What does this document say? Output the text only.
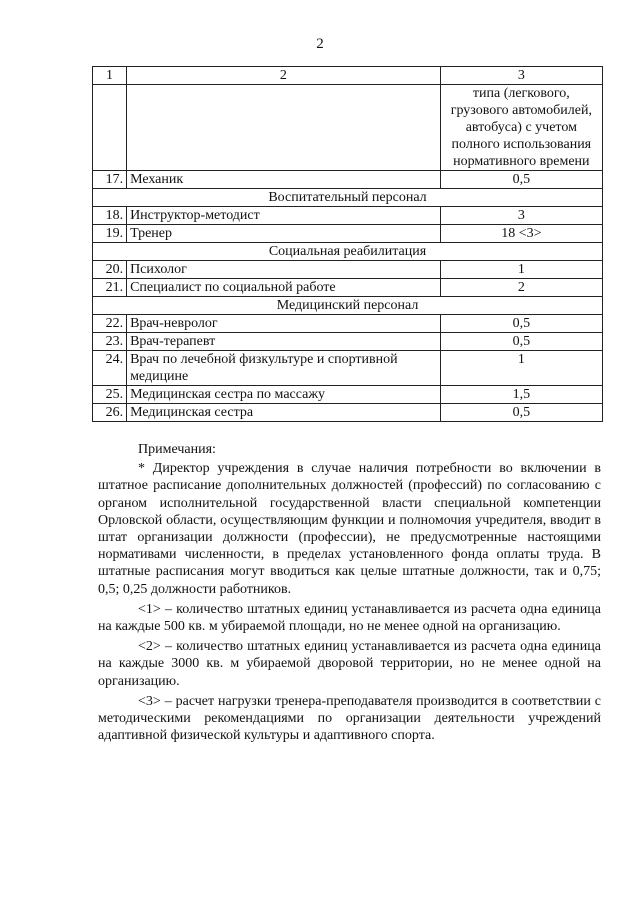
2
1	2	3
		типа (легкового, грузового автомобилей, автобуса) с учетом полного использования нормативного времени
17.	Механик	0,5
Воспитательный персонал		
18.	Инструктор-методист	3
19.	Тренер	18 <3>
Социальная реабилитация		
20.	Психолог	1
21.	Специалист по социальной работе	2
Медицинский персонал		
22.	Врач-невролог	0,5
23.	Врач-терапевт	0,5
24.	Врач по лечебной физкультуре и спортивной медицине	1
25.	Медицинская сестра по массажу	1,5
26.	Медицинская сестра	0,5

Примечания:

* Директор учреждения в случае наличия потребности во включении в штатное расписание дополнительных должностей (профессий) по согласованию с органом исполнительной государственной власти специальной компетенции Орловской области, осуществляющим функции и полномочия учредителя, вводит в штат организации должности (профессии), не предусмотренные настоящими нормативами численности, в пределах установленного фонда оплаты труда. В штатные расписания могут вводиться как целые штатные должности, так и 0,75; 0,5; 0,25 должности работников.

<1> – количество штатных единиц устанавливается из расчета одна единица на каждые 500 кв. м убираемой площади, но не менее одной на организацию.

<2> – количество штатных единиц устанавливается из расчета одна единица на каждые 3000 кв. м убираемой дворовой территории, но не менее одной на организацию.

<3> – расчет нагрузки тренера-преподавателя производится в соответствии с методическими рекомендациями по организации деятельности учреждений адаптивной физической культуры и адаптивного спорта.
